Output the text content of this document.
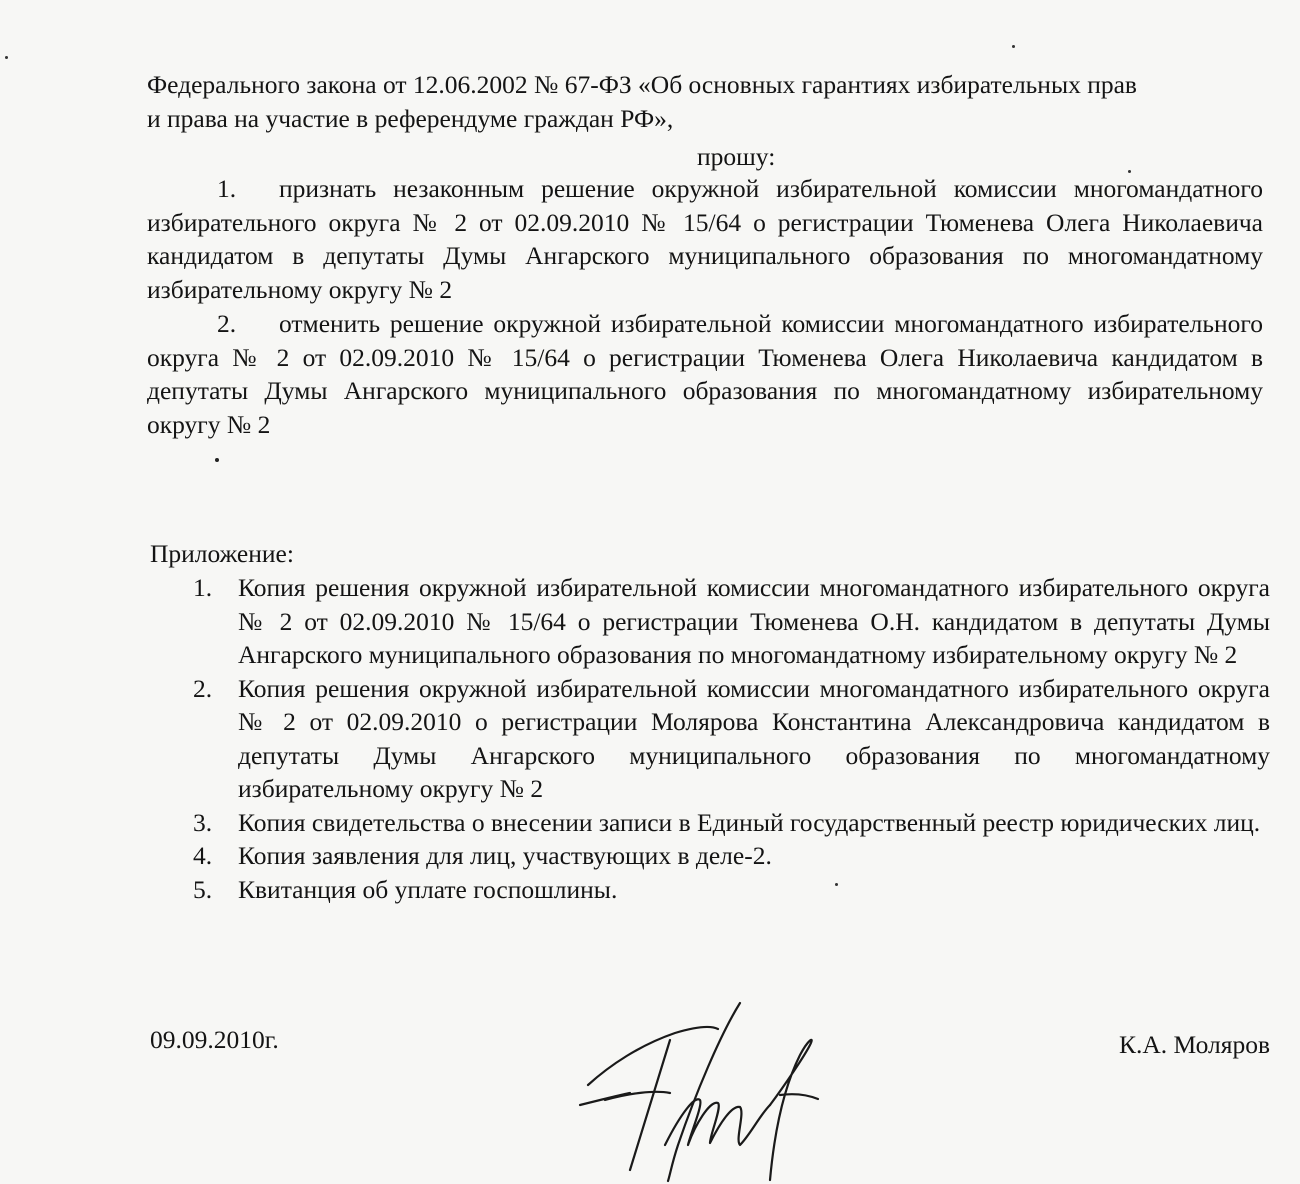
Федерального закона от 12.06.2002 № 67-ФЗ «Об основных гарантиях избирательных прав

и права на участие в референдуме граждан РФ»,

прошу:
1. признать незаконным решение окружной избирательной комиссии многомандатного избирательного округа № 2 от 02.09.2010 № 15/64 о регистрации Тюменева Олега Николаевича кандидатом в депутаты Думы Ангарского муниципального образования по многомандатному избирательному округу № 2
2. отменить решение окружной избирательной комиссии многомандатного избирательного округа № 2 от 02.09.2010 № 15/64 о регистрации Тюменева Олега Николаевича кандидатом в депутаты Думы Ангарского муниципального образования по многомандатному избирательному округу № 2
Приложение:
1. Копия решения окружной избирательной комиссии многомандатного избирательного округа № 2 от 02.09.2010 № 15/64 о регистрации Тюменева О.Н. кандидатом в депутаты Думы Ангарского муниципального образования по многомандатному избирательному округу № 2
2. Копия решения окружной избирательной комиссии многомандатного избирательного округа № 2 от 02.09.2010 о регистрации Молярова Константина Александровича кандидатом в депутаты Думы Ангарского муниципального образования по многомандатному избирательному округу № 2
3. Копия свидетельства о внесении записи в Единый государственный реестр юридических лиц.
4. Копия заявления для лиц, участвующих в деле-2.
5. Квитанция об уплате госпошлины.
09.09.2010г.	К.А. Моляров
